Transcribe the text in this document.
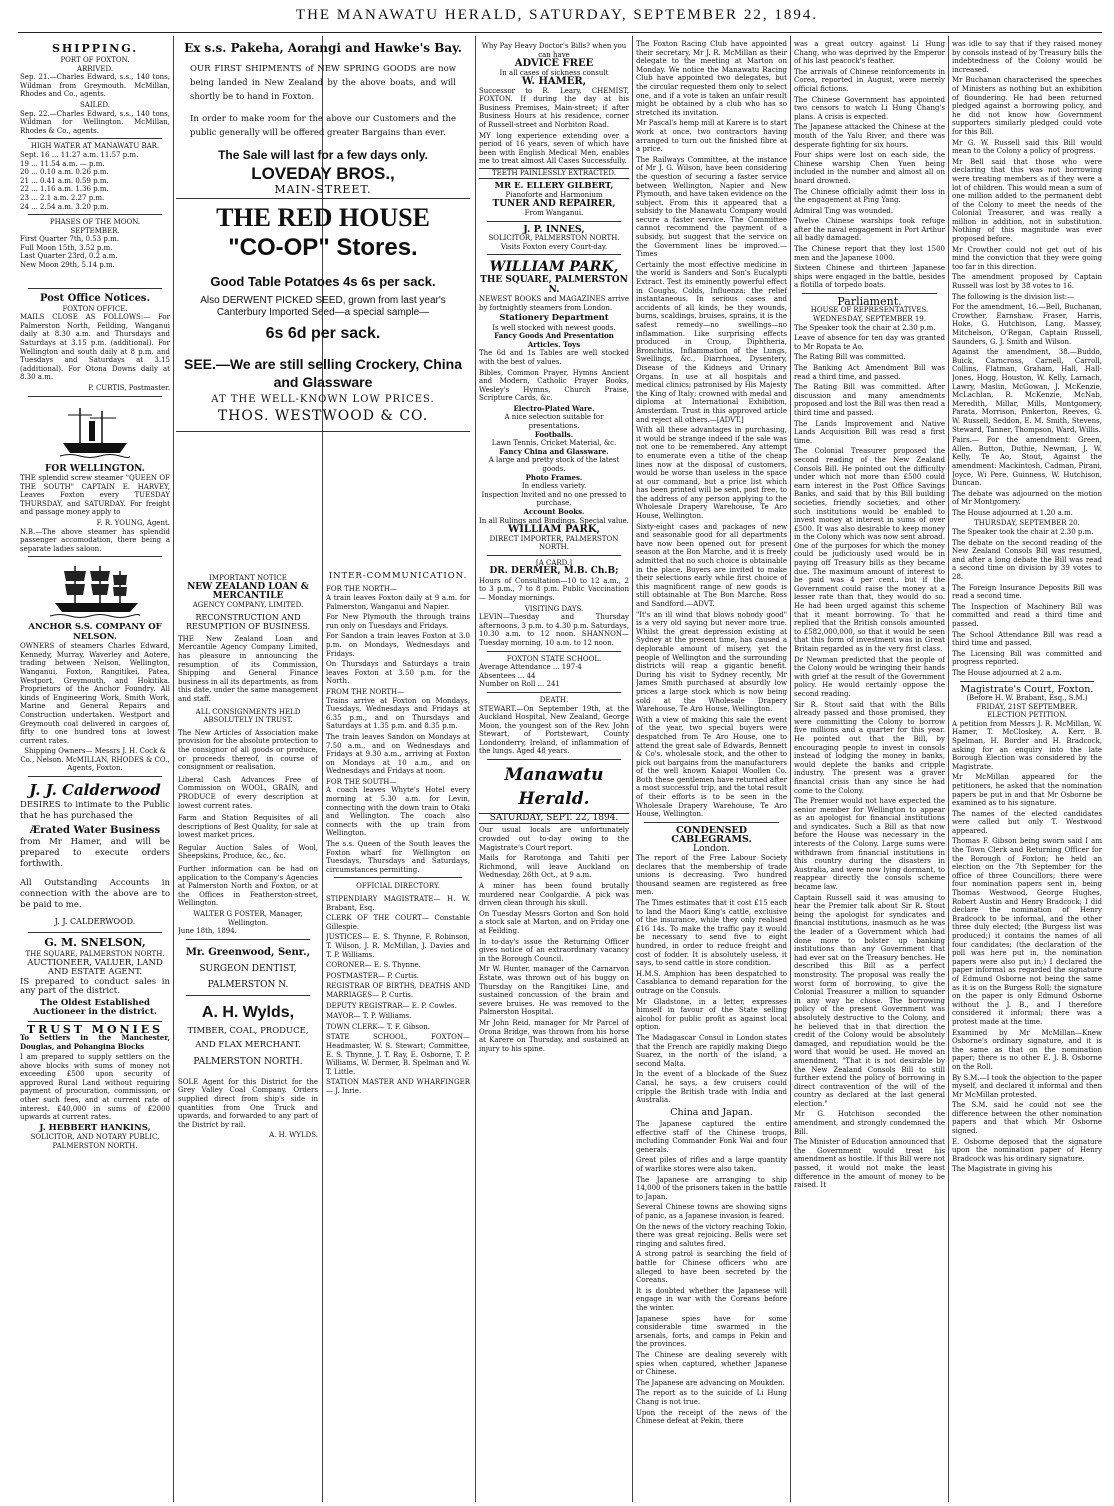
THE MANAWATU HERALD, SATURDAY, SEPTEMBER 22, 1894.
SHIPPING.
PORT OF FOXTON.
ARRIVED.

Sep. 21.—Charles Edward, s.s., 140 tons, Wildman from Greymouth. McMillan, Rhodes and Co., agents.

SAILED.

Sep. 22.—Charles Edward, s.s., 140 tons, Wildman for Wellington. McMillan, Rhodes & Co., agents.

HIGH WATER AT MANAWATU BAR.
Sept. 16 ... 11.27 a.m. 11.57 p.m.
19 ... 11.54 a.m. — p.m.
20 ... 0.10 a.m. 0.26 p.m.
21 ... 0.41 a.m. 0.59 p.m.
22 ... 1.16 a.m. 1.36 p.m.
23 ... 2.1 a.m. 2.27 p.m.
24 ... 2.54 a.m. 3.20 p.m.
PHASES OF THE MOON.
SEPTEMBER.
First Quarter 7th, 0.53 p.m.
Full Moon 15th, 3.52 p.m.
Last Quarter 23rd, 0.2 a.m.
New Moon 29th, 5.14 p.m.
Post Office Notices.
FOXTON OFFICE.

MAILS CLOSE AS FOLLOWS:— For Palmerston North, Feilding, Wanganui daily at 8.30 a.m. and Thursdays and Saturdays at 3.15 p.m. (additional). For Wellington and south daily at 8 p.m. and Tuesdays and Saturdays at 3.15 (additional). For Otona Downs daily at 8.30 a.m.

P. CURTIS, Postmaster.
FOR WELLINGTON.

THE splendid screw steamer "QUEEN OF THE SOUTH" CAPTAIN E. HARVEY, Leaves Foxton every TUESDAY THURSDAY, and SATURDAY. For freight and passage money apply to

F. R. YOUNG, Agent.

N.B.—The above steamer has splendid passenger accomodation, there being a separate ladies saloon.

ANCHOR S.S. COMPANY OF NELSON.

OWNERS of steamers Charles Edward, Kennedy, Murray, Waverley and Aotere, trading between Nelson, Wellington, Wanganui, Foxton, Rangitikei, Patea, Westport, Greymouth, and Hokitika. Proprietors of the Anchor Foundry. All kinds of Engineering Work, Smith Work, Marine and General Repairs and Construction undertaken. Westport and Greymouth coal delivered in cargoes of, fifty to one hundred tons at lowest current rates.

Shipping Owners— Messrs J. H. Cock & Co., Nelson. McMILLAN, RHODES & CO., Agents, Foxton.

J. J. Calderwood

DESIRES to intimate to the Public that he has purchased the

Ærated Water Business

from Mr Hamer, and will be prepared to execute orders forthwith.

All Outstanding Accounts in connection with the above are to be paid to me.

J. J. CALDERWOOD.
G. M. SNELSON,
THE SQUARE, PALMERSTON NORTH.
AUCTIONEER, VALUER, LAND AND ESTATE AGENT.

IS prepared to conduct sales in any part of the district.

The Oldest Established Auctioneer in the district.
TRUST MONIES

To Settlers in the Manchester, Douglas, and Pohangina Blocks

I am prepared to supply settlers on the above blocks with sums of money not exceeding £500 upon security of approved Rural Land without requiring payment of procuration, commission, or other such fees, and at current rate of interest. £40,000 in sums of £2000 upwards at current rates.

J. HEBBERT HANKINS,
SOLICITOR, AND NOTARY PUBLIC, PALMERSTON NORTH.
Ex s.s. Pakeha, Aorangi and Hawke's Bay.

OUR FIRST SHIPMENTS of NEW SPRING GOODS are now being landed in New Zealand by the above boats, and will shortly be to hand in Foxton.

In order to make room for the above our Customers and the public generally will be offered greater Bargains than ever.

The Sale will last for a few days only.
LOVEDAY BROS.,
MAIN-STREET.
THE RED HOUSE
"CO-OP" Stores.
Good Table Potatoes 4s 6s per sack.

Also DERWENT PICKED SEED, grown from last year's Canterbury Imported Seed—a special sample—

6s 6d per sack.
SEE.—We are still selling Crockery, China and Glassware
AT THE WELL-KNOWN LOW PRICES.
THOS. WESTWOOD & CO.
IMPORTANT NOTICE
NEW ZEALAND LOAN & MERCANTILE
AGENCY COMPANY, LIMITED.
RECONSTRUCTION AND RESUMPTION OF BUSINESS.

THE New Zealand Loan and Mercantile Agency Company Limited, has pleasure in announcing the resumption of its Commission, Shipping and General Finance business in all its departments, as from this date, under the same management and staff.

ALL CONSIGNMENTS HELD ABSOLUTELY IN TRUST.

The New Articles of Association make provision for the absolute protection to the consignor of all goods or produce, or proceeds thereof, in course of consignment or realisation.

Liberal Cash Advances Free of Commission on WOOL, GRAIN, and PRODUCE of every description at lowest current rates.

Farm and Station Requisites of all descriptions of Best Quality, for sale at lowest market prices.

Regular Auction Sales of Wool, Sheepskins, Produce, &c., &c.

Further information can be had on application to the Company's Agencies at Palmerston North and Foxton, or at the Offices in Featherston-street, Wellington.

WALTER G FOSTER, Manager, Wellington.
June 18th, 1894.
Mr. Greenwood, Senr.,
SURGEON DENTIST,
PALMERSTON N.
A. H. Wylds,
TIMBER, COAL, PRODUCE, AND FLAX MERCHANT.
PALMERSTON NORTH.

SOLE Agent for this District for the Grey Valley Coal Company. Orders supplied direct from ship's side in quantities from One Truck and upwards, and forwarded to any part of the District by rail.

A. H. WYLDS.
INTER-COMMUNICATION.
FOR THE NORTH—

A train leaves Foxton daily at 9 a.m. for Palmerston, Wanganui and Napier.

For New Plymouth the through trains run only on Tuesdays and Fridays.

For Sandon a train leaves Foxton at 3.0 p.m. on Mondays, Wednesdays and Fridays.

On Thursdays and Saturdays a train leaves Foxton at 3.50 p.m. for the North.

FROM THE NORTH—

Trains arrive at Foxton on Mondays, Tuesdays, Wednesdays and Fridays at 6.35 p.m., and on Thursdays and Saturdays at 1.35 p.m. and 8.35 p.m.

The train leaves Sandon on Mondays at 7.50 a.m., and on Wednesdays and Fridays at 9.30 a.m., arriving at Foxton on Mondays at 10 a.m., and on Wednesdays and Fridays at noon.

FOR THE SOUTH—

A coach leaves Whyte's Hotel every morning at 5.30 a.m. for Levin, connecting with the down train to Otaki and Wellington. The coach also connects with the up train from Wellington.

The s.s. Queen of the South leaves the Foxton wharf for Wellington on Tuesdays, Thursdays and Saturdays, circumstances permitting.

OFFICIAL DIRECTORY.

STIPENDIARY MAGISTRATE— H. W. Brabant, Esq.

CLERK OF THE COURT— Constable Gillespie.

JUSTICES— E. S. Thynne, F. Robinson, T. Wilson, J. R. McMillan, J. Davies and T. P. Williams.

CORONER— E. S. Thynne.

POSTMASTER— P. Curtis.

REGISTRAR OF BIRTHS, DEATHS AND MARRIAGES— P. Curtis.

DEPUTY REGISTRAR— E. P. Cowles.

MAYOR— T. P. Williams.

TOWN CLERK— T. F. Gibson.

STATE SCHOOL, FOXTON— Headmaster, W. S. Stewart; Committee, E. S. Thynne, J. T. Ray, E. Osborne, T. P. Williams, W. Dermer, B. Spelman and W. T. Little.

STATION MASTER AND WHARFINGER— J. Inrie.

Why Pay Heavy Doctor's Bills? when you can have
ADVICE FREE
In all cases of sickness consult
W. HAMER,

Successor to R. Leary, CHEMIST, FOXTON. If during the day at his Business Premises, Main-street; if after Business Hours at his residence, corner of Russell-street and Norbiton Road.

MY long experience extending over a period of 16 years, seven of which have been with English Medical Men, enables me to treat almost All Cases Successfully.

TEETH PAINLESSLY EXTRACTED.
MR E. ELLERY GILBERT,
Pianoforte and Harmonium
TUNER AND REPAIRER,
From Wanganui.
J. P. INNES,
SOLICITOR, PALMERSTON NORTH.
Visits Foxton every Court-day.
WILLIAM PARK,
THE SQUARE, PALMERSTON N.

NEWEST BOOKS and MAGAZINES arrive by fortnightly steamers from London.

Stationery Department
Is well stocked with newest goods.
Fancy Goods And Presentation Articles. Toys

The 6d and 1s Tables are well stocked with the best of values.

Bibles, Common Prayer, Hymns Ancient and Modern, Catholic Prayer Books, Wesley's Hymns, Church Praise, Scripture Cards, &c.

Electro-Plated Ware.
A nice selection suitable for presentations.
Footballs.
Lawn Tennis, Cricket Material, &c.
Fancy China and Glassware.
A large and pretty stock of the latest goods.
Photo Frames.
In endless variety.
Inspection Invited and no one pressed to purchase.
Account Books.
In all Rulings and Bindings. Special value.
WILLIAM PARK,
DIRECT IMPORTER, PALMERSTON NORTH.
[A CARD.]
DR. DERMER, M.B. Ch.B;

Hours of Consultation—10 to 12 a.m., 2 to 3 p.m., 7 to 8 p.m. Public Vaccination — Monday mornings.

VISITING DAYS.

LEVIN—Tuesday and Thursday afternoons, 3 p.m. to 4.30 p.m. Saturdays, 10.30 a.m. to 12 noon. SHANNON—Tuesday morning, 10 a.m. to 12 noon.

FOXTON STATE SCHOOL.
Average Attendance ... 197·4
Absentees ... 44
Number on Roll ... 241
DEATH.

STEWART.—On September 19th, at the Auckland Hospital, New Zealand, George Moon, the youngest son of the Rev. John Stewart, of Portstewart, County Londonderry, Ireland, of inflammation of the lungs. Aged 48 years.

Manawatu Herald.
SATURDAY, SEPT. 22, 1894.

Our usual locals are unfortunately crowded out to-day owing to the Magistrate's Court report.

Mails for Rarotonga and Tahiti per Richmond, will leave Auckland on Wednesday, 26th Oct., at 9 a.m.

A miner has been found brutally murdered near Coolgardie. A pick was driven clean through his skull.

On Tuesday Messrs Gorton and Son hold a stock sale at Marton, and on Friday one at Feilding.

In to-day's issue the Returning Officer gives notice of an extraordinary vacancy in the Borough Council.

Mr W. Hunter, manager of the Carnarvon Estate, was thrown out of his buggy on Thursday on the Rangitikei Line, and sustained concussion of the brain and severe bruises. He was removed to the Palmerston Hospital.

Mr John Reid, manager for Mr Parcel of Orona Bridge, was thrown from his horse at Karere on Thursday, and sustained an injury to his spine.

The Foxton Racing Club have appointed their secretary, Mr J. R. McMillan as their delegate to the meeting at Marton on Monday. We notice the Manawatu Racing Club have appointed two delegates, but the circular requested them only to select one, and if a vote is taken an unfair result might be obtained by a club who has so stretched its invitation.

Mr Pascal's hemp mill at Karere is to start work at once, two contractors having arranged to turn out the finished fibre at a price.

The Railways Committee, at the instance of Mr J. G. Wilson, have been considering the question of securing a faster service between Wellington, Napier and New Plymouth, and have taken evidence on the subject. From this it appeared that a subsidy to the Manawatu Company would secure a faster service. The Committee cannot recommend the payment of a subsidy, but suggest that the service on the Government lines be improved.—Times

Certainly the most effective medicine in the world is Sanders and Son's Eucalypti Extract. Test its eminently powerful effect in Coughs, Colds, Influenza; the relief instantaneous. In serious cases and accidents of all kinds, be they wounds, burns, scaldings, bruises, sprains, it is the safest remedy—no swellings—no inflammation. Like surprising effects produced in Croup, Diphtheria, Bronchitis, Inflammation of the Lungs, Swellings, &c., Diarrhoea, Dysentery, Disease of the Kidneys and Urinary Organs. In use at all hospitals and medical clinics; patronised by His Majesty the King of Italy; crowned with medal and diploma at International Exhibition, Amsterdam. Trust in this approved article and reject all others.—[ADVT.]

With all these advantages in purchasing, it would be strange indeed if the sale was not one to be remembered. Any attempt to enumerate even a tithe of the cheap lines now at the disposal of customers, would be worse than useless in the space at our command, but a price list which has been printed will be sent, post free, to the address of any person applying to the Wholesale Drapery Warehouse, Te Aro House, Wellington.

Sixty-eight cases and packages of new and seasonable good for all departments have now been opened out for present season at the Bon Marche, and it is freely admitted that no such choice is obtainable in the place. Buyers are invited to make their selections early while first choice of this magnificent range of new goods is still obtainable at The Bon Marche. Ross and Sandford.—ADVT.

"It's an ill wind that blows nobody good" is a very old saying but never more true. Whilst the great depression existing at Sydney at the present time, has caused a deplorable amount of misery, yet the people of Wellington and the surrounding districts will reap a gigantic benefit. During his visit to Sydney recently, Mr James Smith purchased at absurdly low prices a large stock which is now being sold at the Wholesale Drapery Warehouse, Te Aro House, Wellington.

With a view of making this sale the event of the year, two special buyers were despatched from Te Aro House, one to attend the great sale of Edwards, Bennett & Co's. wholesale stock, and the other to pick out bargains from the manufacturers of the well known Kaiapoi Woollen Co. Both these gentlemen have returned after a most successful trip, and the total result of their efforts is to be seen in the Wholesale Drapery Warehouse, Te Aro House, Wellington.

CONDENSED CABLEGRAMS.
London.

The report of the Free Labour Society declares that the membership of trade unions is decreasing. Two hundred thousand seamen are registered as free men.

The Times estimates that it cost £15 each to land the Maori King's cattle, exclusive of the insurance, while they only realised £16 14s. To make the traffic pay it would be necessary to send five to eight hundred, in order to reduce freight and cost of fodder. It is absolutely useless, it says, to send cattle in store condition.

H.M.S. Amphion has been despatched to Casablanca to demand reparation for the outrage on the Consuls.

Mr Gladstone, in a letter, expresses himself in favour of the State selling alcohol for public profit as against local option.

The Madagascar Consul in London states that the French are rapidly making Diego Suarez, in the north of the island, a second Malta.

In the event of a blockade of the Suez Canal, he says, a few cruisers could cripple the British trade with India and Australia.

China and Japan.

The Japanese captured the entire effective staff of the Chinese troops, including Commander Fonk Wai and four generals.

Great piles of rifles and a large quantity of warlike stores were also taken.

The Japanese are arranging to ship 14,000 of the prisoners taken in the battle to Japan.

Several Chinese towns are showing signs of panic, as a Japanese invasion is feared.

On the news of the victory reaching Tokio, there was great rejoicing. Bells were set ringing and salutes fired.

A strong patrol is searching the field of battle for Chinese officers who are alleged to have been secreted by the Coreans.

It is doubted whether the Japanese will engage in war with the Coreans before the winter.

Japanese spies have for some considerable time swarmed in the arsenals, forts, and camps in Pekin and the provinces.

The Chinese are dealing severely with spies when captured, whether Japanese or Chinese.

The Japanese are advancing on Moukden.

The report as to the suicide of Li Hung Chang is not true.

Upon the receipt of the news of the Chinese defeat at Pekin, there

was a great outcry against Li Hung Chang, who was deprived by the Emperor of his last peacock's feather.

The arrivals of Chinese reinforcements in Corea, reported in August, were merely official fictions.

The Chinese Government has appointed two censors to watch Li Hung Chang's plans. A crisis is expected.

The Japanese attacked the Chinese at the mouth of the Yalu River, and there was desperate fighting for six hours.

Four ships were lost on each side, the Chinese warship Chen Yuen being included in the number and almost all on board drowned.

The Chinese officially admit their loss in the engagement at Ping Yang.

Admiral Ting was wounded.

Twelve Chinese warships took refuge after the naval engagement in Port Arthur all badly damaged.

The Chinese report that they lost 1500 men and the Japanese 1000.

Sixteen Chinese and thirteen Japanese ships were engaged in the battle, besides a flotilla of torpedo boats.

Parliament.
HOUSE OF REPRESENTATIVES.
WEDNESDAY, SEPTEMBER 19.

The Speaker took the chair at 2.30 p.m.

Leave of absence for ten day was granted to Mr Ropata te Ao.

The Rating Bill was committed.

The Banking Act Amendment Bill was read a third time, and passed.

The Rating Bill was committed. After discussion and many amendments proposed and lost the Bill was then read a third time and passed.

The Lands Improvement and Native Lands Acquisition Bill was read a first time.

The Colonial Treasurer proposed the second reading of the New Zealand Consols Bill. He pointed out the difficulty under which not more than £500 could earn interest in the Post Office Savings Banks, and said that by this Bill building societies, friendly societies, and other such institutions would be enabled to invest money at interest in sums of over £500. It was also desirable to keep money in the Colony which was now sent abroad. One of the purposes for which the money could be judiciously used would be in paying off Treasury bills as they became due. The maximum amount of interest to be paid was 4 per cent., but if the Government could raise the money at a lesser rate than that, they would do so. He had been urged against this scheme that it meant borrowing. To that he replied that the British consols amounted to £582,000,000, so that it would be seen that this form of investment was in Great Britain regarded as in the very first class.

Dr Newman predicted that the people of the Colony would be wringing their hands with grief at the result of the Government policy. He would certainly oppose the second reading.

Sir R. Stout said that with the Bills already passed and those promised, they were committing the Colony to borrow five millions and a quarter for this year. He pointed out that the Bill, by encouraging people to invest in consols instead of lodging the money in banks, would deplete the banks and cripple industry. The present was a graver financial crisis than any since he had come to the Colony.

The Premier would not have expected the senior member for Wellington to appear as an apologist for financial institutions and syndicates. Such a Bill as that now before the House was necessary in the interests of the Colony. Large sums were withdrawn from financial institutions in this country during the disasters in Australia, and were now lying dormant, to reappear directly the consols scheme became law.

Captain Russell said it was amusing to hear the Premier talk about Sir R. Stout being the apologist for syndicates and financial institutions, inasmuch as he was the leader of a Government which had done more to bolster up banking institutions than any Government that had ever sat on the Treasury benches. He described this Bill as a perfect monstrosity. The proposal was really the worst form of borrowing, to give the Colonial Treasurer a million to squander in any way he chose. The borrowing policy of the present Government was absolutely destructive to the Colony, and he believed that in that direction the credit of the Colony would be absolutely damaged, and repudiation would be the word that would be used. He moved an amendment, "That it is not desirable by the New Zealand Consols Bill to still further extend the policy of borrowing in direct contravention of the will of the country as declared at the last general election."

Mr G. Hutchison seconded the amendment, and strongly condemned the Bill.

The Minister of Education announced that the Government would treat his amendment as hostile. If this Bill were not passed, it would not make the least difference in the amount of money to be raised. It

was idle to say that if they raised money by consols instead of by Treasury bills the indebtedness of the Colony would be increased.

Mr Buchanan characterised the speeches of Ministers as nothing but an exhibition of floundering. He had been returned pledged against a borrowing policy, and he did not know how Government supporters similarly pledged could vote for this Bill.

Mr G. W. Russell said this Bill would mean to the Colony a policy of progress.

Mr Bell said that those who were declaring that this was not borrowing were treating members as if they were a lot of children. This would mean a sum of one million added to the permanent debt of the Colony to meet the needs of the Colonial Treasurer, and was really a million in addition, not in substitution. Nothing of this magnitude was ever proposed before.

Mr Crowther could not get out of his mind the conviction that they were going too far in this direction.

The amendment proposed by Captain Russell was lost by 38 votes to 16.

The following is the division list:—

For the amendment, 16.—Bell, Buchanan, Crowther, Earnshaw, Fraser, Harris, Hoke, G. Hutchison, Lang, Massey, Mitchelson, O'Regan, Captain Russell, Saunders, G. J. Smith and Wilson.

Against the amendment, 38.—Buddo, Buick, Carncross, Carnell, Carroll, Collins, Flatman, Graham, Hall, Hall-Jones, Hogg, Houston, W. Kelly, Larnach, Lawry, Maslin, McGowan, J. McKenzie, McLachlan, R. McKenzie, McNab, Meredith, Millar, Mills, Montgomery, Parata, Morrison, Pinkerton, Reeves, G. W. Russell, Seddon, E. M. Smith, Stevens, Steward, Tanner, Thompson, Ward, Willis.

Pairs.— For the amendment: Green, Allen, Button, Duthie, Newman, J. W. Kelly, Te Ao, Stout, Against the amendment: Mackintosh, Cadman, Pirani, Joyce, Wi Pere, Guinness, W. Hutchison, Duncan.

The debate was adjourned on the motion of Mr Montgomery.

The House adjourned at 1.20 a.m.

THURSDAY, SEPTEMBER 20.

The Speaker took the chair at 2.30 p.m.

The debate on the second reading of the New Zealand Consols Bill was resumed, and after a long debate the Bill was read a second time on division by 39 votes to 28.

The Foreign Insurance Deposits Bill was read a second time.

The Inspection of Machinery Bill was committed and read a third time and passed.

The School Attendance Bill was read a third time and passed.

The Licensing Bill was committed and progress reported.

The House adjourned at 2 a.m.

Magistrate's Court, Foxton.
(Before H. W. Brabant, Esq., S.M.)
FRIDAY, 21ST SEPTEMBER.
ELECTION PETITION.

A petition from Messrs J. R. McMillan, W. Hamer, T. McCloskey, A. Kerr, B. Spelman, H. Border and H. Bradcock, asking for an enquiry into the late Borough Election was considered by the Magistrate.

Mr McMillan appeared for the petitioners, he asked that the nomination papers be put in and that Mr Osborne be examined as to his signature.

The names of the elected candidates were called but only T. Westwood appeared.

Thomas F. Gibson being sworn said I am the Town Clerk and Returning Officer for the Borough of Foxton; he held an election on the 7th September for the office of three Councillors; there were four nomination papers sent in, being Thomas Westwood, George Hughes, Robert Austin and Henry Bradcock; I did declare the nomination of Henry Bradcock to be informal, and the other three duly elected; (the Burgess list was produced;) it contains the names of all four candidates; (the declaration of the poll was here put in, the nomination papers were also put in;) I declared the paper informal as regarded the signature of Edmund Osborne not being the same as it is on the Burgess Roll; the signature on the paper is only Edmund Osborne without the J. B., and I therefore considered it informal; there was a protest made at the time.

Examined by Mr McMillan—Knew Osborne's ordinary signature, and it is the same as that on the nomination paper; there is no other E. J. B. Osborne on the Roll.

By S.M.—I took the objection to the paper myself, and declared it informal and then Mr McMillan protested.

The S.M. said he could not see the difference between the other nomination papers and that which Mr Osborne signed.

E. Osborne deposed that the signature upon the nomination paper of Henry Bradcock was his ordinary signature.

The Magistrate in giving his
